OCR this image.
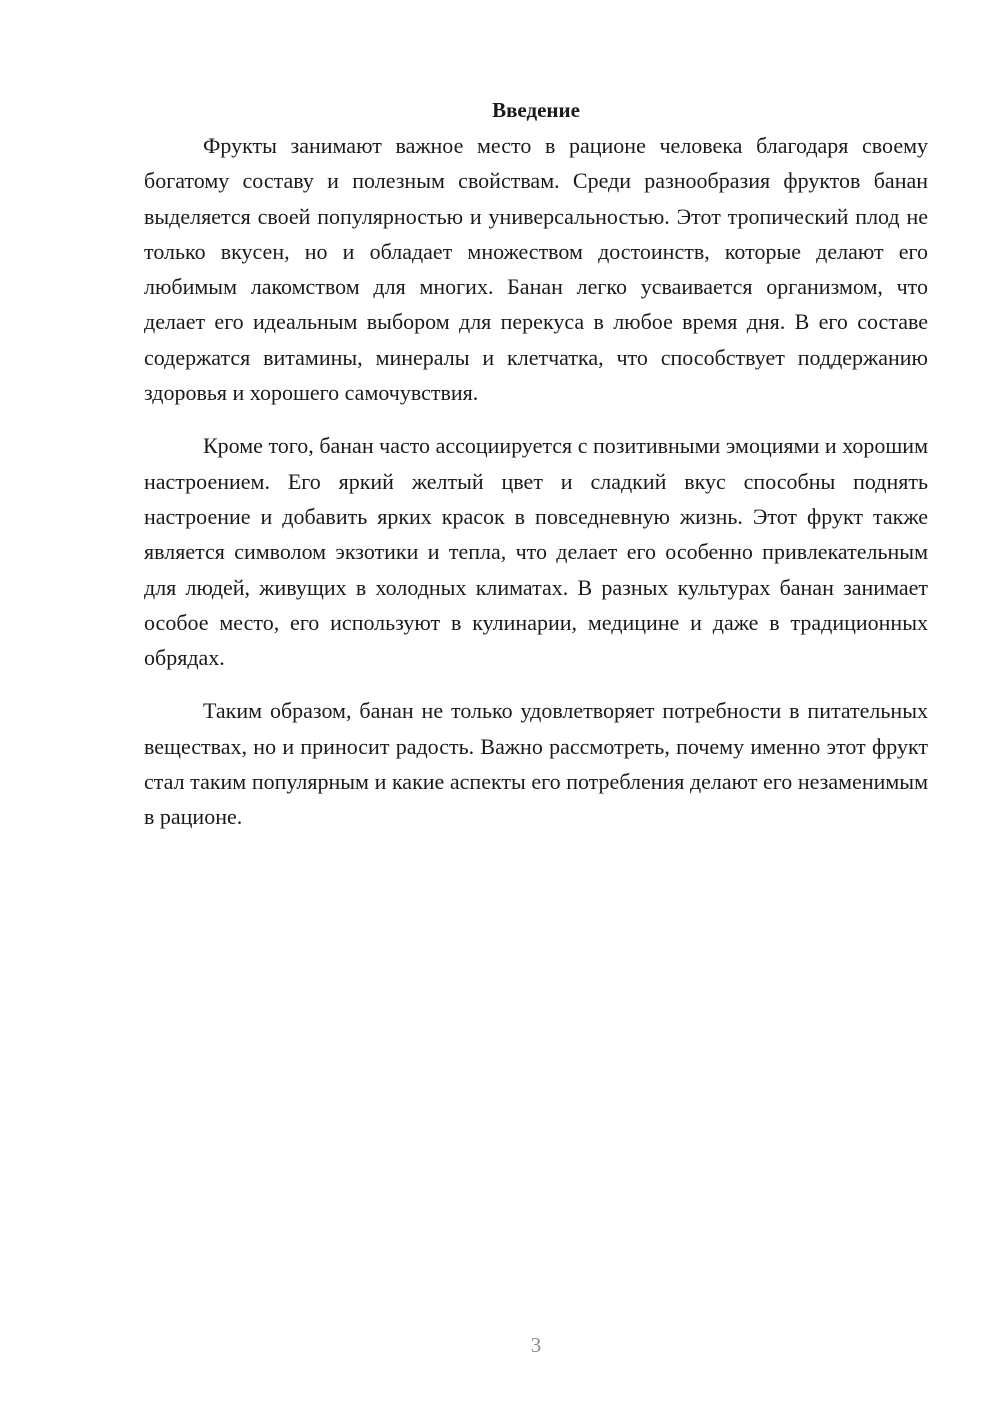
Введение

Фрукты занимают важное место в рационе человека благодаря своему богатому составу и полезным свойствам. Среди разнообразия фруктов банан выделяется своей популярностью и универсальностью. Этот тропический плод не только вкусен, но и обладает множеством достоинств, которые делают его любимым лакомством для многих. Банан легко усваивается организмом, что делает его идеальным выбором для перекуса в любое время дня. В его составе содержатся витамины, минералы и клетчатка, что способствует поддержанию здоровья и хорошего самочувствия.

Кроме того, банан часто ассоциируется с позитивными эмоциями и хорошим настроением. Его яркий желтый цвет и сладкий вкус способны поднять настроение и добавить ярких красок в повседневную жизнь. Этот фрукт также является символом экзотики и тепла, что делает его особенно привлекательным для людей, живущих в холодных климатах. В разных культурах банан занимает особое место, его используют в кулинарии, медицине и даже в традиционных обрядах.

Таким образом, банан не только удовлетворяет потребности в питательных веществах, но и приносит радость. Важно рассмотреть, почему именно этот фрукт стал таким популярным и какие аспекты его потребления делают его незаменимым в рационе.

3
